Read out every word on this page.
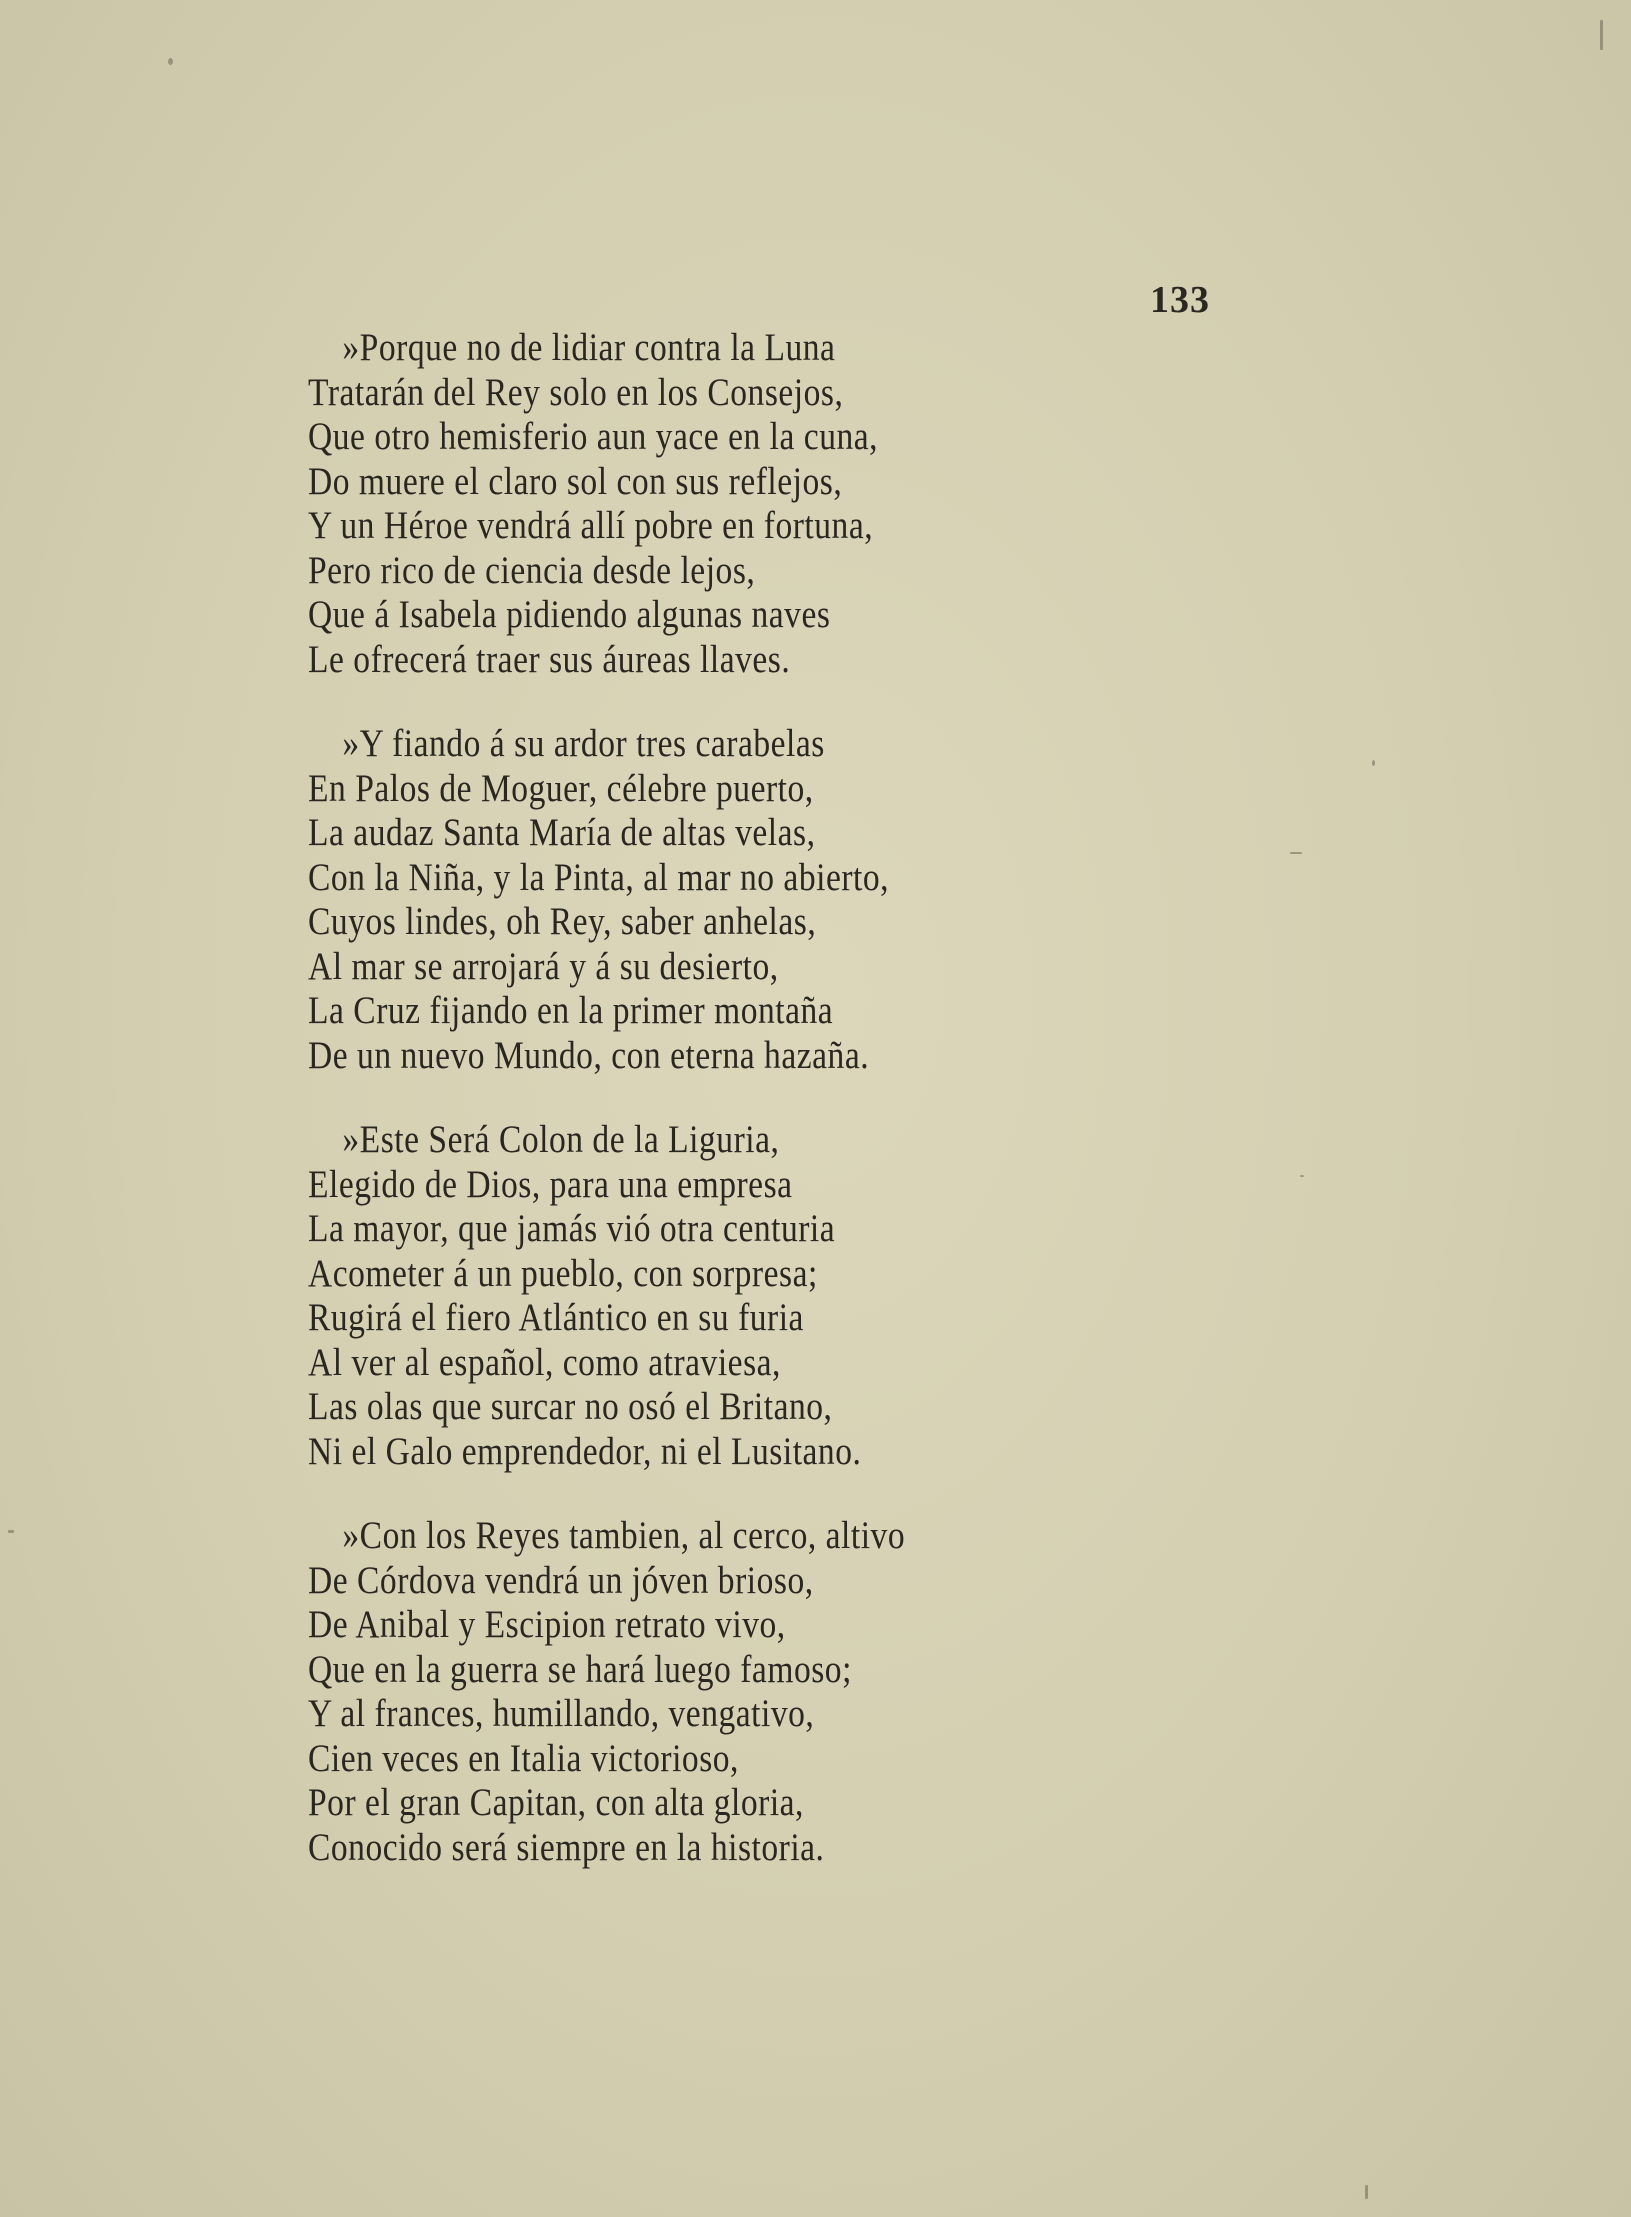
133
»Porque no de lidiar contra la Luna
Tratarán del Rey solo en los Consejos,
Que otro hemisferio aun yace en la cuna,
Do muere el claro sol con sus reflejos,
Y un Héroe vendrá allí pobre en fortuna,
Pero rico de ciencia desde lejos,
Que á Isabela pidiendo algunas naves
Le ofrecerá traer sus áureas llaves.
»Y fiando á su ardor tres carabelas
En Palos de Moguer, célebre puerto,
La audaz Santa María de altas velas,
Con la Niña, y la Pinta, al mar no abierto,
Cuyos lindes, oh Rey, saber anhelas,
Al mar se arrojará y á su desierto,
La Cruz fijando en la primer montaña
De un nuevo Mundo, con eterna hazaña.
»Este Será Colon de la Liguria,
Elegido de Dios, para una empresa
La mayor, que jamás vió otra centuria
Acometer á un pueblo, con sorpresa;
Rugirá el fiero Atlántico en su furia
Al ver al español, como atraviesa,
Las olas que surcar no osó el Britano,
Ni el Galo emprendedor, ni el Lusitano.
»Con los Reyes tambien, al cerco, altivo
De Córdova vendrá un jóven brioso,
De Anibal y Escipion retrato vivo,
Que en la guerra se hará luego famoso;
Y al frances, humillando, vengativo,
Cien veces en Italia victorioso,
Por el gran Capitan, con alta gloria,
Conocido será siempre en la historia.
